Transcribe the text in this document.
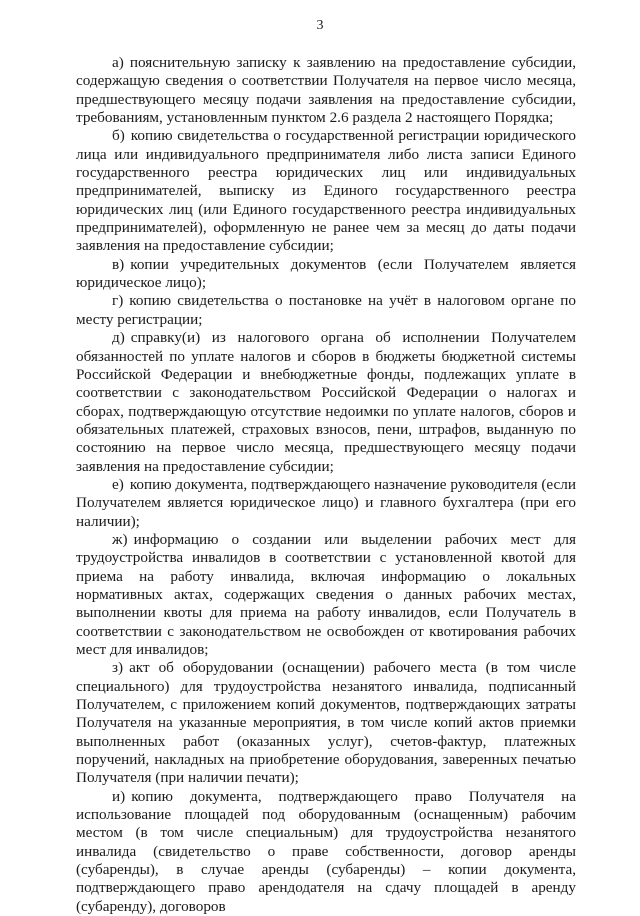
3

а) пояснительную записку к заявлению на предоставление субсидии, содержащую сведения о соответствии Получателя на первое число месяца, предшествующего месяцу подачи заявления на предоставление субсидии, требованиям, установленным пунктом 2.6 раздела 2 настоящего Порядка;

б) копию свидетельства о государственной регистрации юридического лица или индивидуального предпринимателя либо листа записи Единого государственного реестра юридических лиц или индивидуальных предпринимателей, выписку из Единого государственного реестра юридических лиц (или Единого государственного реестра индивидуальных предпринимателей), оформленную не ранее чем за месяц до даты подачи заявления на предоставление субсидии;

в) копии учредительных документов (если Получателем является юридическое лицо);

г) копию свидетельства о постановке на учёт в налоговом органе по месту регистрации;

д) справку(и) из налогового органа об исполнении Получателем обязанностей по уплате налогов и сборов в бюджеты бюджетной системы Российской Федерации и внебюджетные фонды, подлежащих уплате в соответствии с законодательством Российской Федерации о налогах и сборах, подтверждающую отсутствие недоимки по уплате налогов, сборов и обязательных платежей, страховых взносов, пени, штрафов, выданную по состоянию на первое число месяца, предшествующего месяцу подачи заявления на предоставление субсидии;

е) копию документа, подтверждающего назначение руководителя (если Получателем является юридическое лицо) и главного бухгалтера (при его наличии);

ж) информацию о создании или выделении рабочих мест для трудоустройства инвалидов в соответствии с установленной квотой для приема на работу инвалида, включая информацию о локальных нормативных актах, содержащих сведения о данных рабочих местах, выполнении квоты для приема на работу инвалидов, если Получатель в соответствии с законодательством не освобожден от квотирования рабочих мест для инвалидов;

з) акт об оборудовании (оснащении) рабочего места (в том числе специального) для трудоустройства незанятого инвалида, подписанный Получателем, с приложением копий документов, подтверждающих затраты Получателя на указанные мероприятия, в том числе копий актов приемки выполненных работ (оказанных услуг), счетов-фактур, платежных поручений, накладных на приобретение оборудования, заверенных печатью Получателя (при наличии печати);

и) копию документа, подтверждающего право Получателя на использование площадей под оборудованным (оснащенным) рабочим местом (в том числе специальным) для трудоустройства незанятого инвалида (свидетельство о праве собственности, договор аренды (субаренды), в случае аренды (субаренды) – копии документа, подтверждающего право арендодателя на сдачу площадей в аренду (субаренду), договоров
